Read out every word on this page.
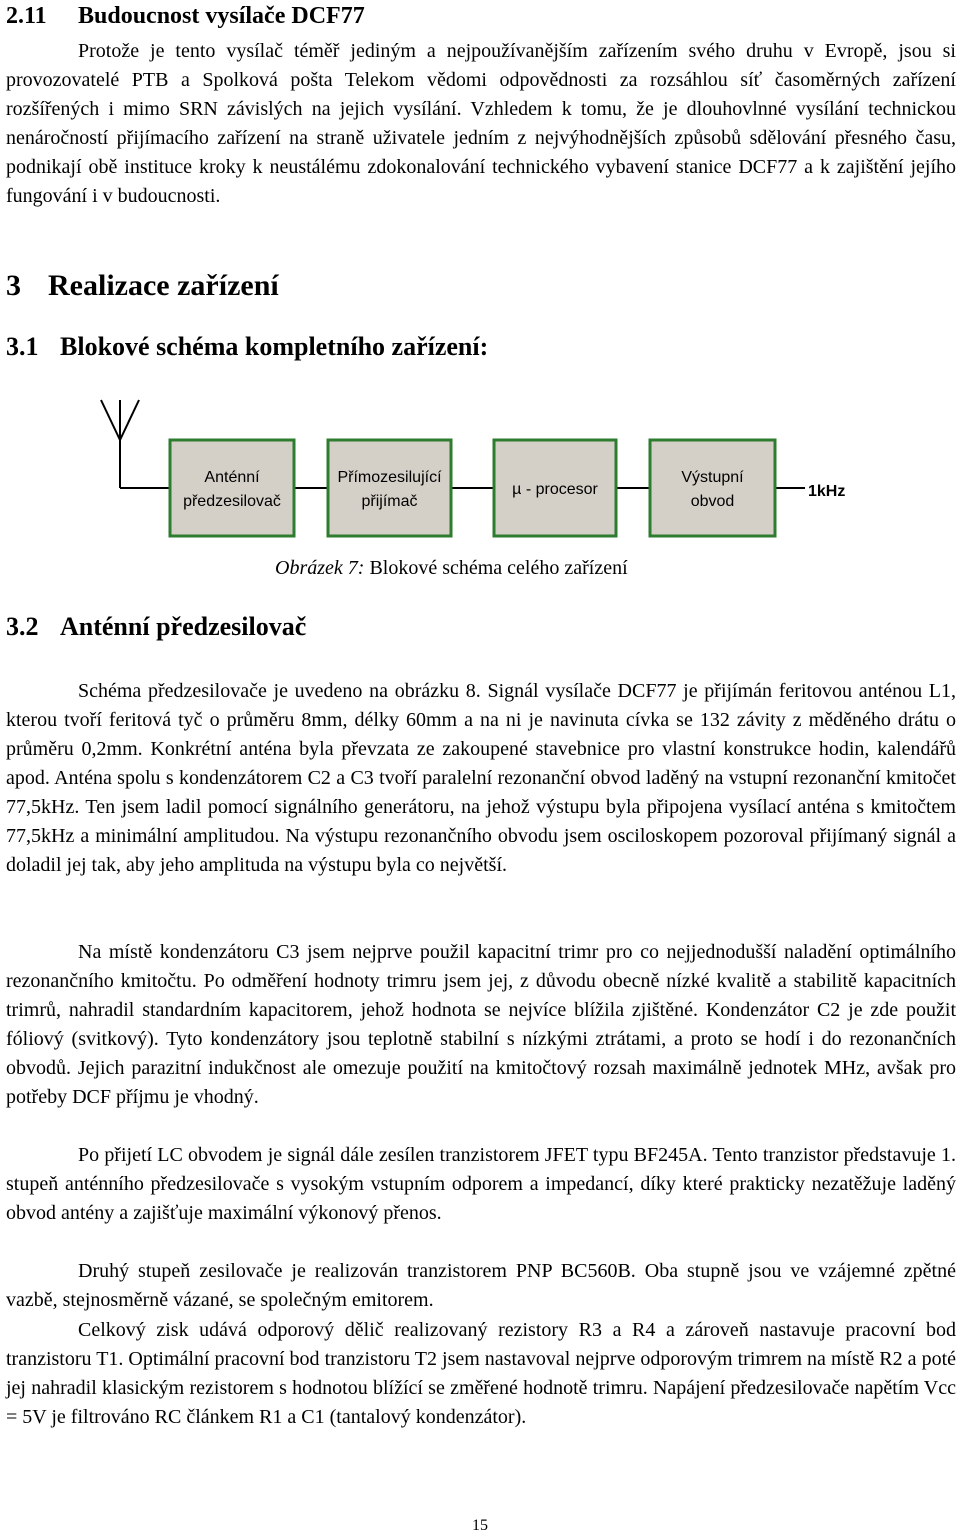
2.11 Budoucnost vysílače DCF77

Protože je tento vysílač téměř jediným a nejpoužívanějším zařízením svého druhu v Evropě, jsou si provozovatelé PTB a Spolková pošta Telekom vědomi odpovědnosti za rozsáhlou síť časoměrných zařízení rozšířených i mimo SRN závislých na jejich vysílání. Vzhledem k tomu, že je dlouhovlnné vysílání technickou nenáročností přijímacího zařízení na straně uživatele jedním z nejvýhodnějších způsobů sdělování přesného času, podnikají obě instituce kroky k neustálému zdokonalování technického vybavení stanice DCF77 a k zajištění jejího fungování i v budoucnosti.

3 Realizace zařízení
3.1 Blokové schéma kompletního zařízení:
Anténní
předzesilovač
Přímozesilující
přijímač
µ - procesor
Výstupní
obvod
1kHz
Obrázek 7: Blokové schéma celého zařízení
3.2 Anténní předzesilovač

Schéma předzesilovače je uvedeno na obrázku 8. Signál vysílače DCF77 je přijímán feritovou anténou L1, kterou tvoří feritová tyč o průměru 8mm, délky 60mm a na ni je navinuta cívka se 132 závity z měděného drátu o průměru 0,2mm. Konkrétní anténa byla převzata ze zakoupené stavebnice pro vlastní konstrukce hodin, kalendářů apod. Anténa spolu s kondenzátorem C2 a C3 tvoří paralelní rezonanční obvod laděný na vstupní rezonanční kmitočet 77,5kHz. Ten jsem ladil pomocí signálního generátoru, na jehož výstupu byla připojena vysílací anténa s kmitočtem 77,5kHz a minimální amplitudou. Na výstupu rezonančního obvodu jsem osciloskopem pozoroval přijímaný signál a doladil jej tak, aby jeho amplituda na výstupu byla co největší.

Na místě kondenzátoru C3 jsem nejprve použil kapacitní trimr pro co nejjednodušší naladění optimálního rezonančního kmitočtu. Po odměření hodnoty trimru jsem jej, z důvodu obecně nízké kvalitě a stabilitě kapacitních trimrů, nahradil standardním kapacitorem, jehož hodnota se nejvíce blížila zjištěné. Kondenzátor C2 je zde použit fóliový (svitkový). Tyto kondenzátory jsou teplotně stabilní s nízkými ztrátami, a proto se hodí i do rezonančních obvodů. Jejich parazitní indukčnost ale omezuje použití na kmitočtový rozsah maximálně jednotek MHz, avšak pro potřeby DCF příjmu je vhodný.

Po přijetí LC obvodem je signál dále zesílen tranzistorem JFET typu BF245A. Tento tranzistor představuje 1. stupeň anténního předzesilovače s vysokým vstupním odporem a impedancí, díky které prakticky nezatěžuje laděný obvod antény a zajišťuje maximální výkonový přenos.

Druhý stupeň zesilovače je realizován tranzistorem PNP BC560B. Oba stupně jsou ve vzájemné zpětné vazbě, stejnosměrně vázané, se společným emitorem.

Celkový zisk udává odporový dělič realizovaný rezistory R3 a R4 a zároveň nastavuje pracovní bod tranzistoru T1. Optimální pracovní bod tranzistoru T2 jsem nastavoval nejprve odporovým trimrem na místě R2 a poté jej nahradil klasickým rezistorem s hodnotou blížící se změřené hodnotě trimru. Napájení předzesilovače napětím Vcc = 5V je filtrováno RC článkem R1 a C1 (tantalový kondenzátor).

15
